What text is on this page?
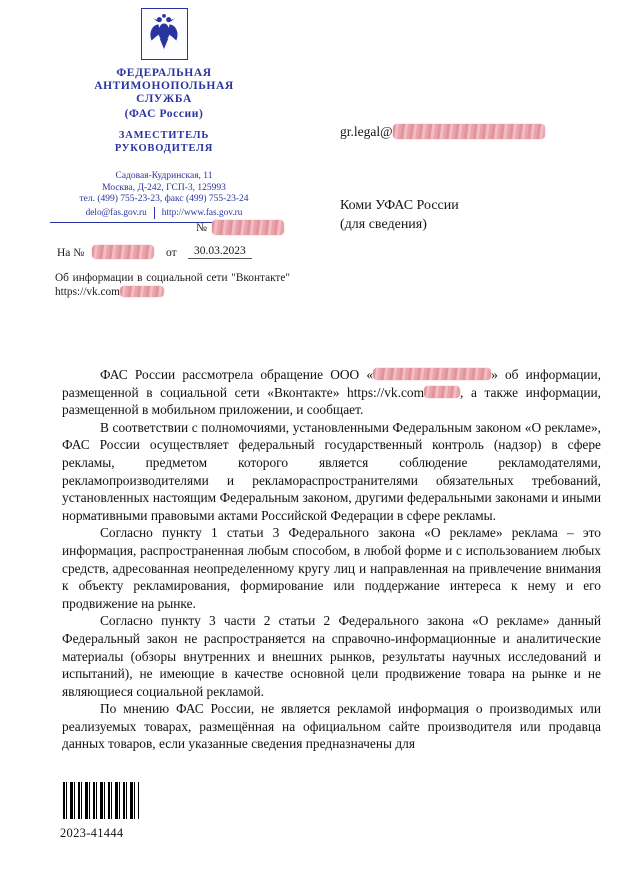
ФЕДЕРАЛЬНАЯ
АНТИМОНОПОЛЬНАЯ
СЛУЖБА
(ФАС России)
ЗАМЕСТИТЕЛЬ
РУКОВОДИТЕЛЯ
Садовая-Кудринская, 11
Москва, Д-242, ГСП-3, 125993
тел. (499) 755-23-23, факс (499) 755-23-24
delo@fas.gov.ru	http://www.fas.gov.ru
№
На №	от	30.03.2023
Об информации в социальной сети "Вконтакте" https://vk.com
gr.legal@
Коми УФАС России
(для сведения)

ФАС России рассмотрела обращение ООО «	» об информации, размещенной в социальной сети «Вконтакте» https://vk.com	, а также информации, размещенной в мобильном приложении, и сообщает.

В соответствии с полномочиями, установленными Федеральным законом «О рекламе», ФАС России осуществляет федеральный государственный контроль (надзор) в сфере рекламы, предметом которого является соблюдение рекламодателями, рекламопроизводителями и рекламораспространителями обязательных требований, установленных настоящим Федеральным законом, другими федеральными законами и иными нормативными правовыми актами Российской Федерации в сфере рекламы.

Согласно пункту 1 статьи 3 Федерального закона «О рекламе» реклама – это информация, распространенная любым способом, в любой форме и с использованием любых средств, адресованная неопределенному кругу лиц и направленная на привлечение внимания к объекту рекламирования, формирование или поддержание интереса к нему и его продвижение на рынке.

Согласно пункту 3 части 2 статьи 2 Федерального закона «О рекламе» данный Федеральный закон не распространяется на справочно-информационные и аналитические материалы (обзоры внутренних и внешних рынков, результаты научных исследований и испытаний), не имеющие в качестве основной цели продвижение товара на рынке и не являющиеся социальной рекламой.

По мнению ФАС России, не является рекламой информация о производимых или реализуемых товарах, размещённая на официальном сайте производителя или продавца данных товаров, если указанные сведения предназначены для

2023-41444
